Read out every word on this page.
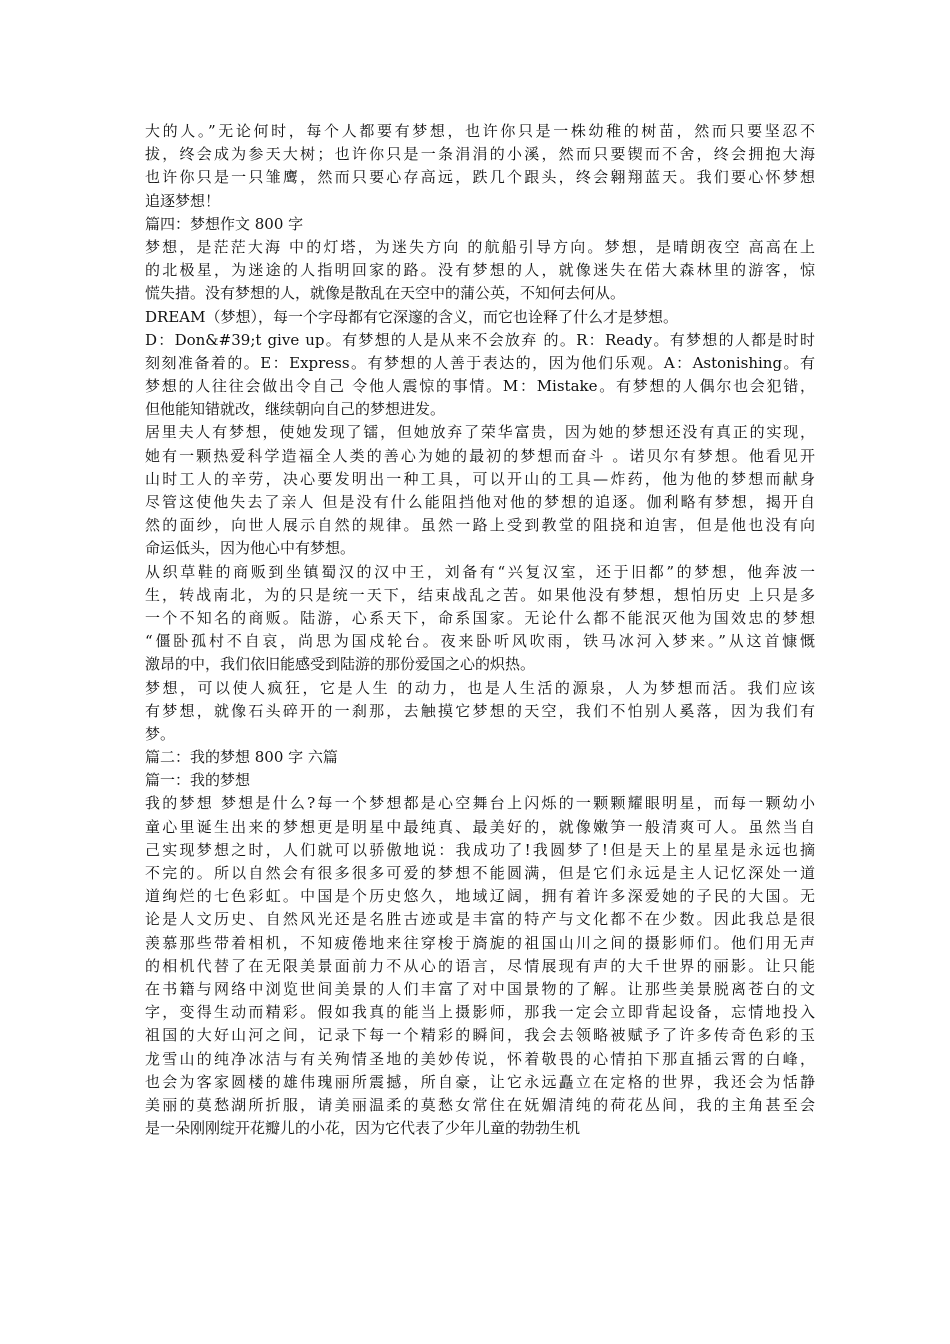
大的人。”无论何时，每个人都要有梦想，也许你只是一株幼稚的树苗，然而只要坚忍不
拔，终会成为参天大树；也许你只是一条涓涓的小溪，然而只要锲而不舍，终会拥抱大海
也许你只是一只雏鹰，然而只要心存高远，跌几个跟头，终会翱翔蓝天。我们要心怀梦想
追逐梦想！
篇四：梦想作文 800 字
梦想，是茫茫大海 中的灯塔，为迷失方向 的航船引导方向。梦想，是晴朗夜空 高高在上
的北极星，为迷途的人指明回家的路。没有梦想的人，就像迷失在偌大森林里的游客，惊
慌失措。没有梦想的人，就像是散乱在天空中的蒲公英，不知何去何从。
DREAM（梦想），每一个字母都有它深邃的含义，而它也诠释了什么才是梦想。
D：Don&#39;t give up。有梦想的人是从来不会放弃 的。R：Ready。有梦想的人都是时时
刻刻准备着的。E：Express。有梦想的人善于表达的，因为他们乐观。A：Astonishing。有
梦想的人往往会做出令自己 令他人震惊的事情。M：Mistake。有梦想的人偶尔也会犯错，
但他能知错就改，继续朝向自己的梦想进发。
居里夫人有梦想，使她发现了镭，但她放弃了荣华富贵，因为她的梦想还没有真正的实现，
她有一颗热爱科学造福全人类的善心为她的最初的梦想而奋斗 。诺贝尔有梦想。他看见开
山时工人的辛劳，决心要发明出一种工具，可以开山的工具—炸药，他为他的梦想而献身
尽管这使他失去了亲人 但是没有什么能阻挡他对他的梦想的追逐。伽利略有梦想，揭开自
然的面纱，向世人展示自然的规律。虽然一路上受到教堂的阻挠和迫害，但是他也没有向
命运低头，因为他心中有梦想。
从织草鞋的商贩到坐镇蜀汉的汉中王，刘备有“兴复汉室，还于旧都”的梦想，他奔波一
生，转战南北，为的只是统一天下，结束战乱之苦。如果他没有梦想，想怕历史 上只是多
一个不知名的商贩。陆游，心系天下，命系国家。无论什么都不能泯灭他为国效忠的梦想
“僵卧孤村不自哀，尚思为国戍轮台。夜来卧听风吹雨，铁马冰河入梦来。”从这首慷慨
激昂的中，我们依旧能感受到陆游的那份爱国之心的炽热。
梦想，可以使人疯狂，它是人生 的动力，也是人生活的源泉，人为梦想而活。我们应该
有梦想，就像石头碎开的一刹那，去触摸它梦想的天空，我们不怕别人奚落，因为我们有
梦。
篇二：我的梦想 800 字 六篇
篇一：我的梦想
我的梦想 梦想是什么?每一个梦想都是心空舞台上闪烁的一颗颗耀眼明星，而每一颗幼小
童心里诞生出来的梦想更是明星中最纯真、最美好的，就像嫩笋一般清爽可人。虽然当自
己实现梦想之时，人们就可以骄傲地说：我成功了!我圆梦了!但是天上的星星是永远也摘
不完的。所以自然会有很多很多可爱的梦想不能圆满，但是它们永远是主人记忆深处一道
道绚烂的七色彩虹。中国是个历史悠久，地域辽阔，拥有着许多深爱她的子民的大国。无
论是人文历史、自然风光还是名胜古迹或是丰富的特产与文化都不在少数。因此我总是很
羡慕那些带着相机，不知疲倦地来往穿梭于旖旎的祖国山川之间的摄影师们。他们用无声
的相机代替了在无限美景面前力不从心的语言，尽情展现有声的大千世界的丽影。让只能
在书籍与网络中浏览世间美景的人们丰富了对中国景物的了解。让那些美景脱离苍白的文
字，变得生动而精彩。假如我真的能当上摄影师，那我一定会立即背起设备，忘情地投入
祖国的大好山河之间，记录下每一个精彩的瞬间，我会去领略被赋予了许多传奇色彩的玉
龙雪山的纯净冰洁与有关殉情圣地的美妙传说，怀着敬畏的心情拍下那直插云霄的白峰，
也会为客家圆楼的雄伟瑰丽所震撼，所自豪，让它永远矗立在定格的世界，我还会为恬静
美丽的莫愁湖所折服，请美丽温柔的莫愁女常住在妩媚清纯的荷花丛间，我的主角甚至会
是一朵刚刚绽开花瓣儿的小花，因为它代表了少年儿童的勃勃生机
